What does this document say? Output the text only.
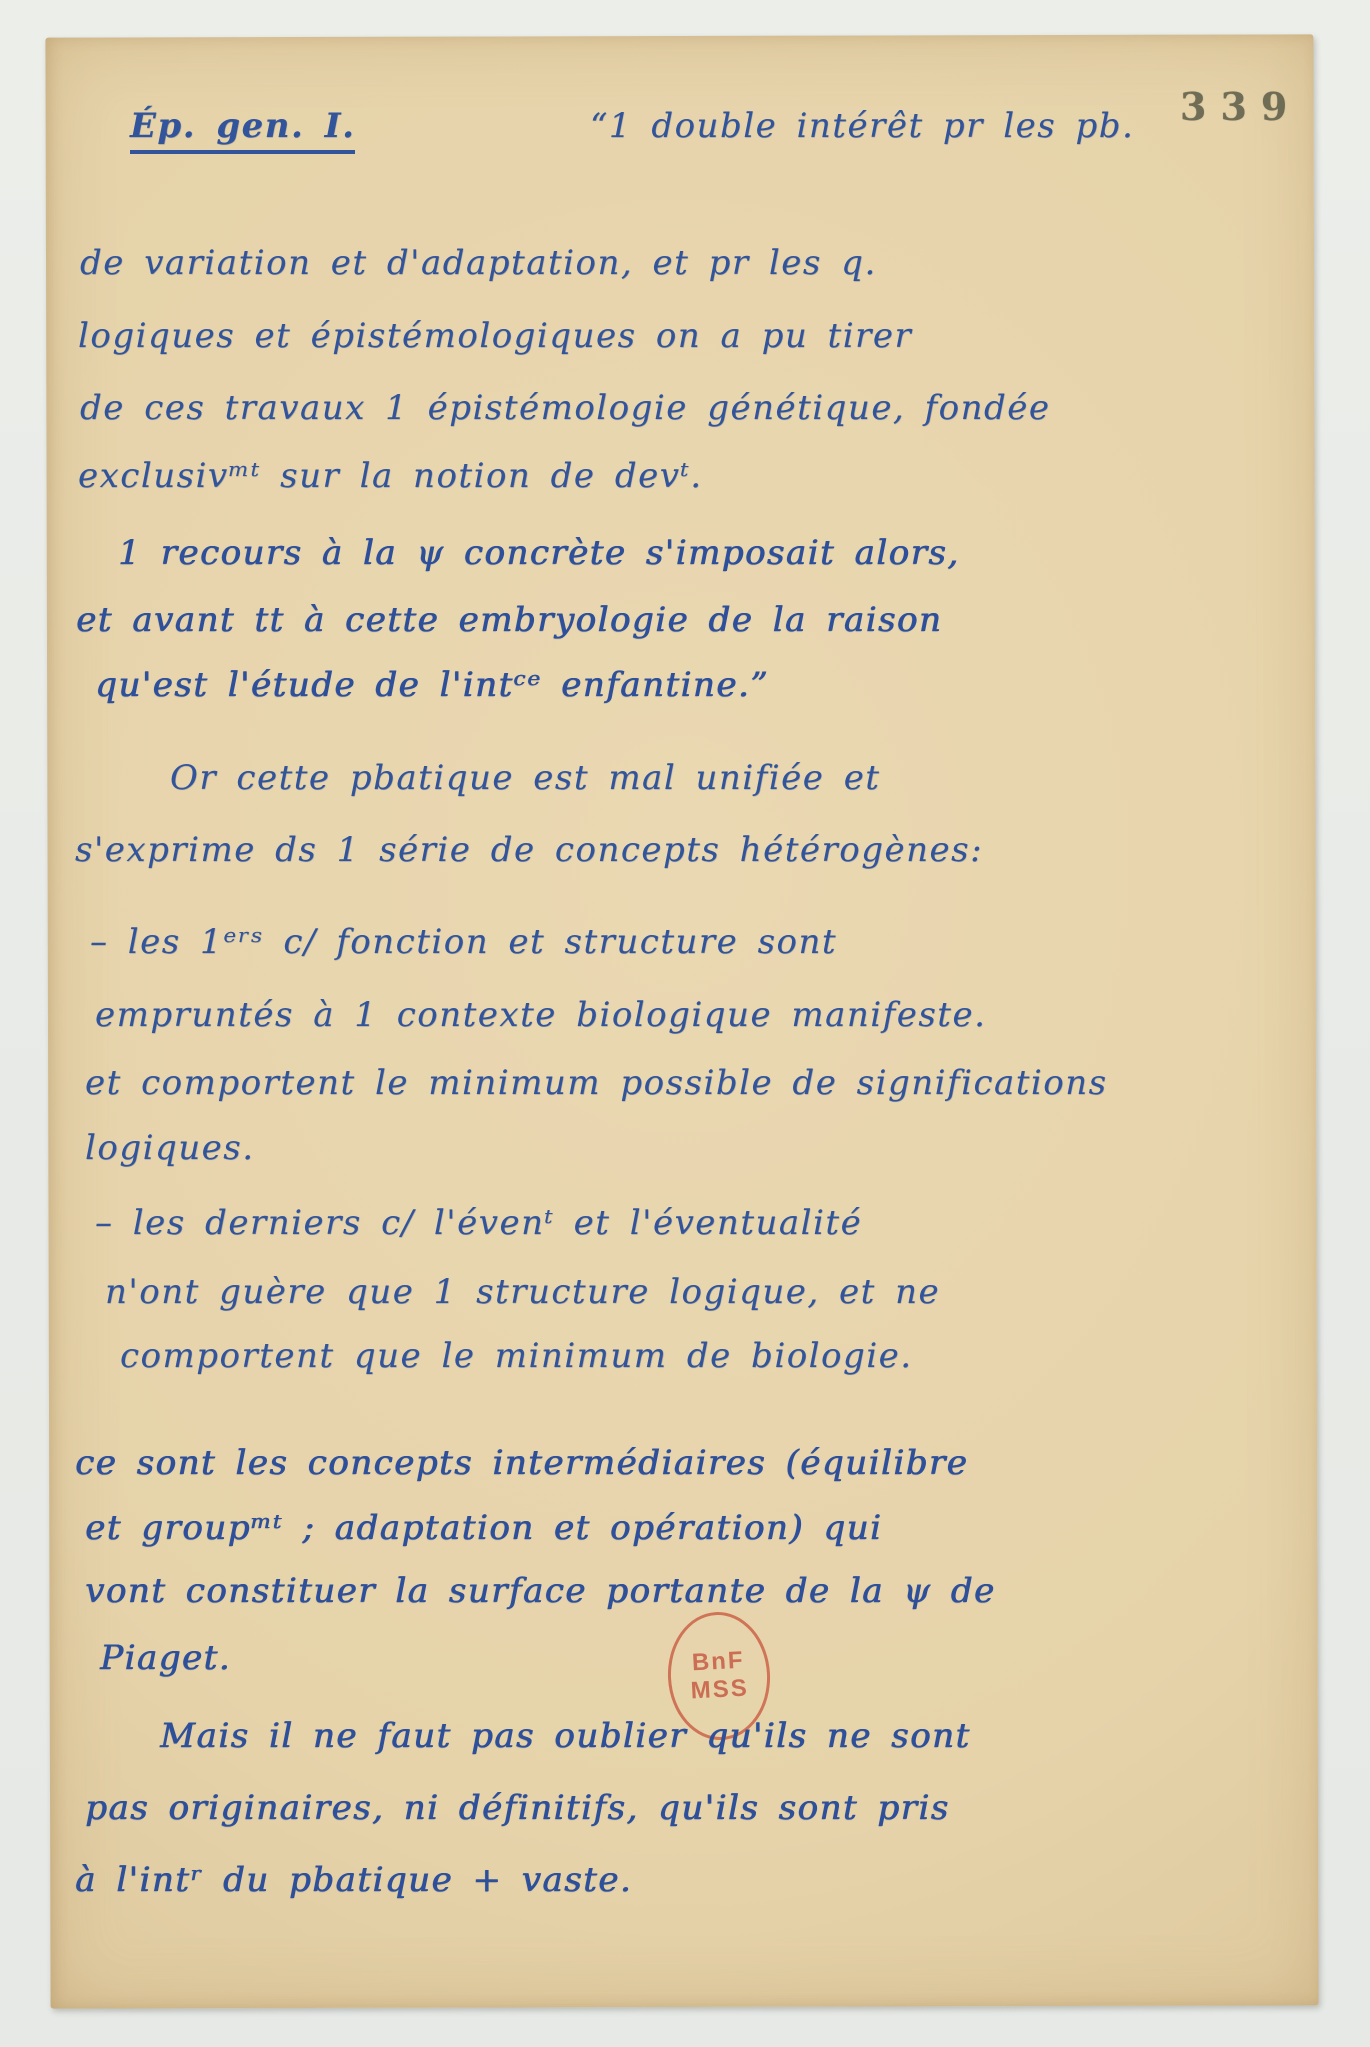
339
Ép. gen. I.	“1 double intérêt pr les pb.
de variation et d'adaptation, et pr les q.
logiques et épistémologiques on a pu tirer
de ces travaux 1 épistémologie génétique, fondée
exclusivᵐᵗ sur la notion de devᵗ.
1 recours à la ψ concrète s'imposait alors,
et avant tt à cette embryologie de la raison
qu'est l'étude de l'intᶜᵉ enfantine.”
Or cette pbatique est mal unifiée et
s'exprime ds 1 série de concepts hétérogènes:
– les 1ᵉʳˢ c/ fonction et structure sont
empruntés à 1 contexte biologique manifeste.
et comportent le minimum possible de significations
logiques.
– les derniers c/ l'évenᵗ et l'éventualité
n'ont guère que 1 structure logique, et ne
comportent que le minimum de biologie.
ce sont les concepts intermédiaires (équilibre
et groupᵐᵗ ; adaptation et opération) qui
vont constituer la surface portante de la ψ de
Piaget.	BnF
MSS
Mais il ne faut pas oublier qu'ils ne sont
pas originaires, ni définitifs, qu'ils sont pris
à l'intʳ du pbatique + vaste.
